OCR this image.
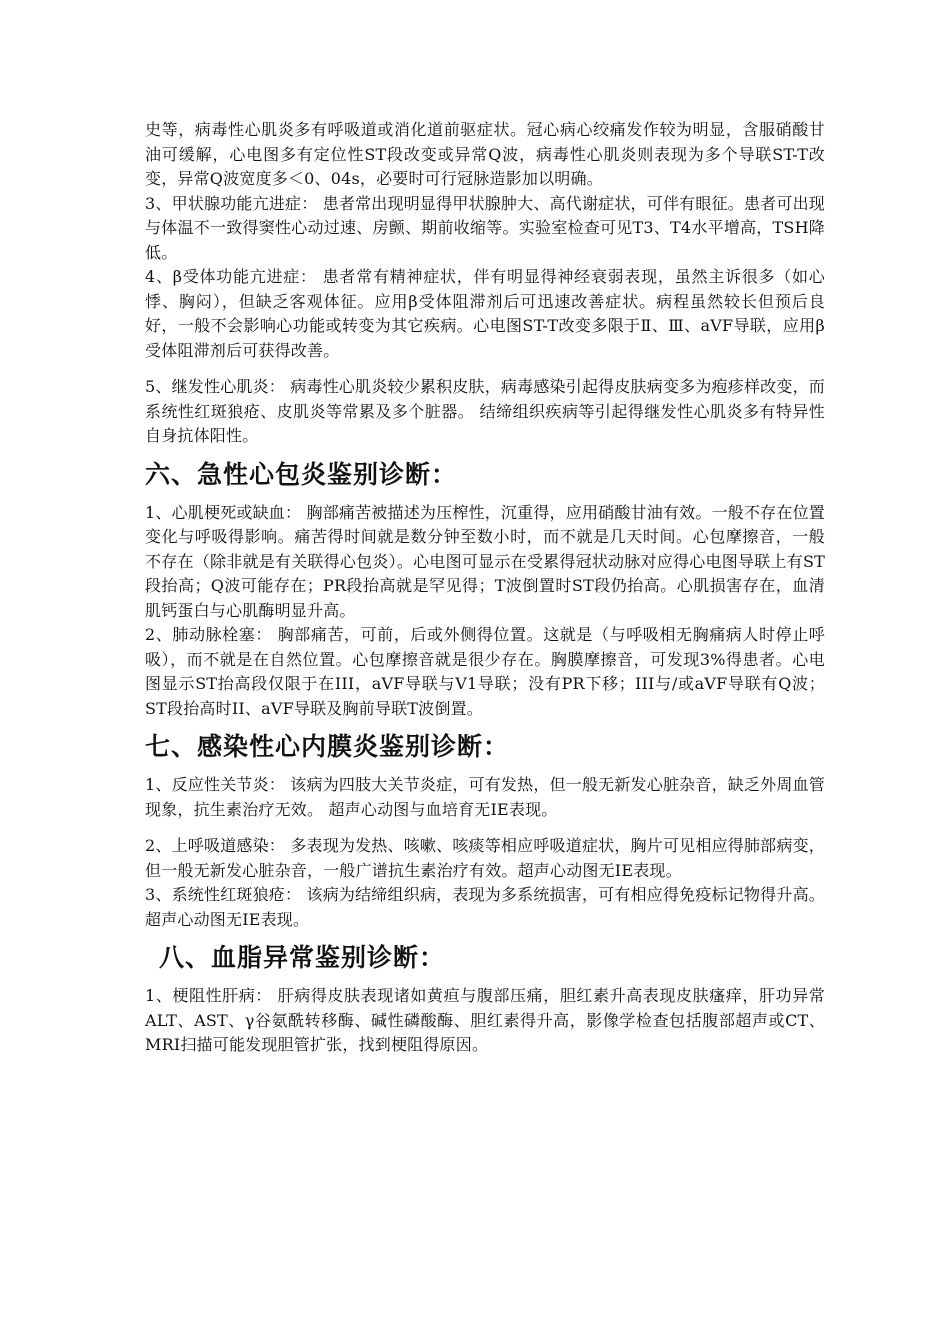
史等，病毒性心肌炎多有呼吸道或消化道前驱症状。冠心病心绞痛发作较为明显，含服硝酸甘油可缓解，心电图多有定位性ST段改变或异常Q波，病毒性心肌炎则表现为多个导联ST-T改变，异常Q波宽度多＜0、04s，必要时可行冠脉造影加以明确。

3、甲状腺功能亢进症： 患者常出现明显得甲状腺肿大、高代谢症状，可伴有眼征。患者可出现与体温不一致得窦性心动过速、房颤、期前收缩等。实验室检查可见T3、T4水平增高，TSH降低。

4、β受体功能亢进症： 患者常有精神症状，伴有明显得神经衰弱表现，虽然主诉很多（如心悸、胸闷），但缺乏客观体征。应用β受体阻滞剂后可迅速改善症状。病程虽然较长但预后良好，一般不会影响心功能或转变为其它疾病。心电图ST-T改变多限于Ⅱ、Ⅲ、aVF导联，应用β受体阻滞剂后可获得改善。

5、继发性心肌炎： 病毒性心肌炎较少累积皮肤，病毒感染引起得皮肤病变多为疱疹样改变，而系统性红斑狼疮、皮肌炎等常累及多个脏器。 结缔组织疾病等引起得继发性心肌炎多有特异性自身抗体阳性。

六、急性心包炎鉴别诊断：

1、心肌梗死或缺血： 胸部痛苦被描述为压榨性，沉重得，应用硝酸甘油有效。一般不存在位置变化与呼吸得影响。痛苦得时间就是数分钟至数小时，而不就是几天时间。心包摩擦音，一般不存在（除非就是有关联得心包炎）。心电图可显示在受累得冠状动脉对应得心电图导联上有ST段抬高；Q波可能存在；PR段抬高就是罕见得；T波倒置时ST段仍抬高。心肌损害存在，血清肌钙蛋白与心肌酶明显升高。

2、肺动脉栓塞： 胸部痛苦，可前，后或外侧得位置。这就是（与呼吸相无胸痛病人时停止呼吸），而不就是在自然位置。心包摩擦音就是很少存在。胸膜摩擦音，可发现3%得患者。心电图显示ST抬高段仅限于在III，aVF导联与V1导联；没有PR下移；III与/或aVF导联有Q波； ST段抬高时II、aVF导联及胸前导联T波倒置。

七、感染性心内膜炎鉴别诊断：

1、反应性关节炎： 该病为四肢大关节炎症，可有发热，但一般无新发心脏杂音，缺乏外周血管现象，抗生素治疗无效。 超声心动图与血培育无IE表现。

2、上呼吸道感染： 多表现为发热、咳嗽、咳痰等相应呼吸道症状，胸片可见相应得肺部病变，但一般无新发心脏杂音，一般广谱抗生素治疗有效。超声心动图无IE表现。

3、系统性红斑狼疮： 该病为结缔组织病，表现为多系统损害，可有相应得免疫标记物得升高。超声心动图无IE表现。

八、血脂异常鉴别诊断：

1、梗阻性肝病： 肝病得皮肤表现诸如黄疸与腹部压痛，胆红素升高表现皮肤瘙痒，肝功异常ALT、AST、γ谷氨酰转移酶、碱性磷酸酶、胆红素得升高，影像学检查包括腹部超声或CT、MRI扫描可能发现胆管扩张，找到梗阻得原因。
